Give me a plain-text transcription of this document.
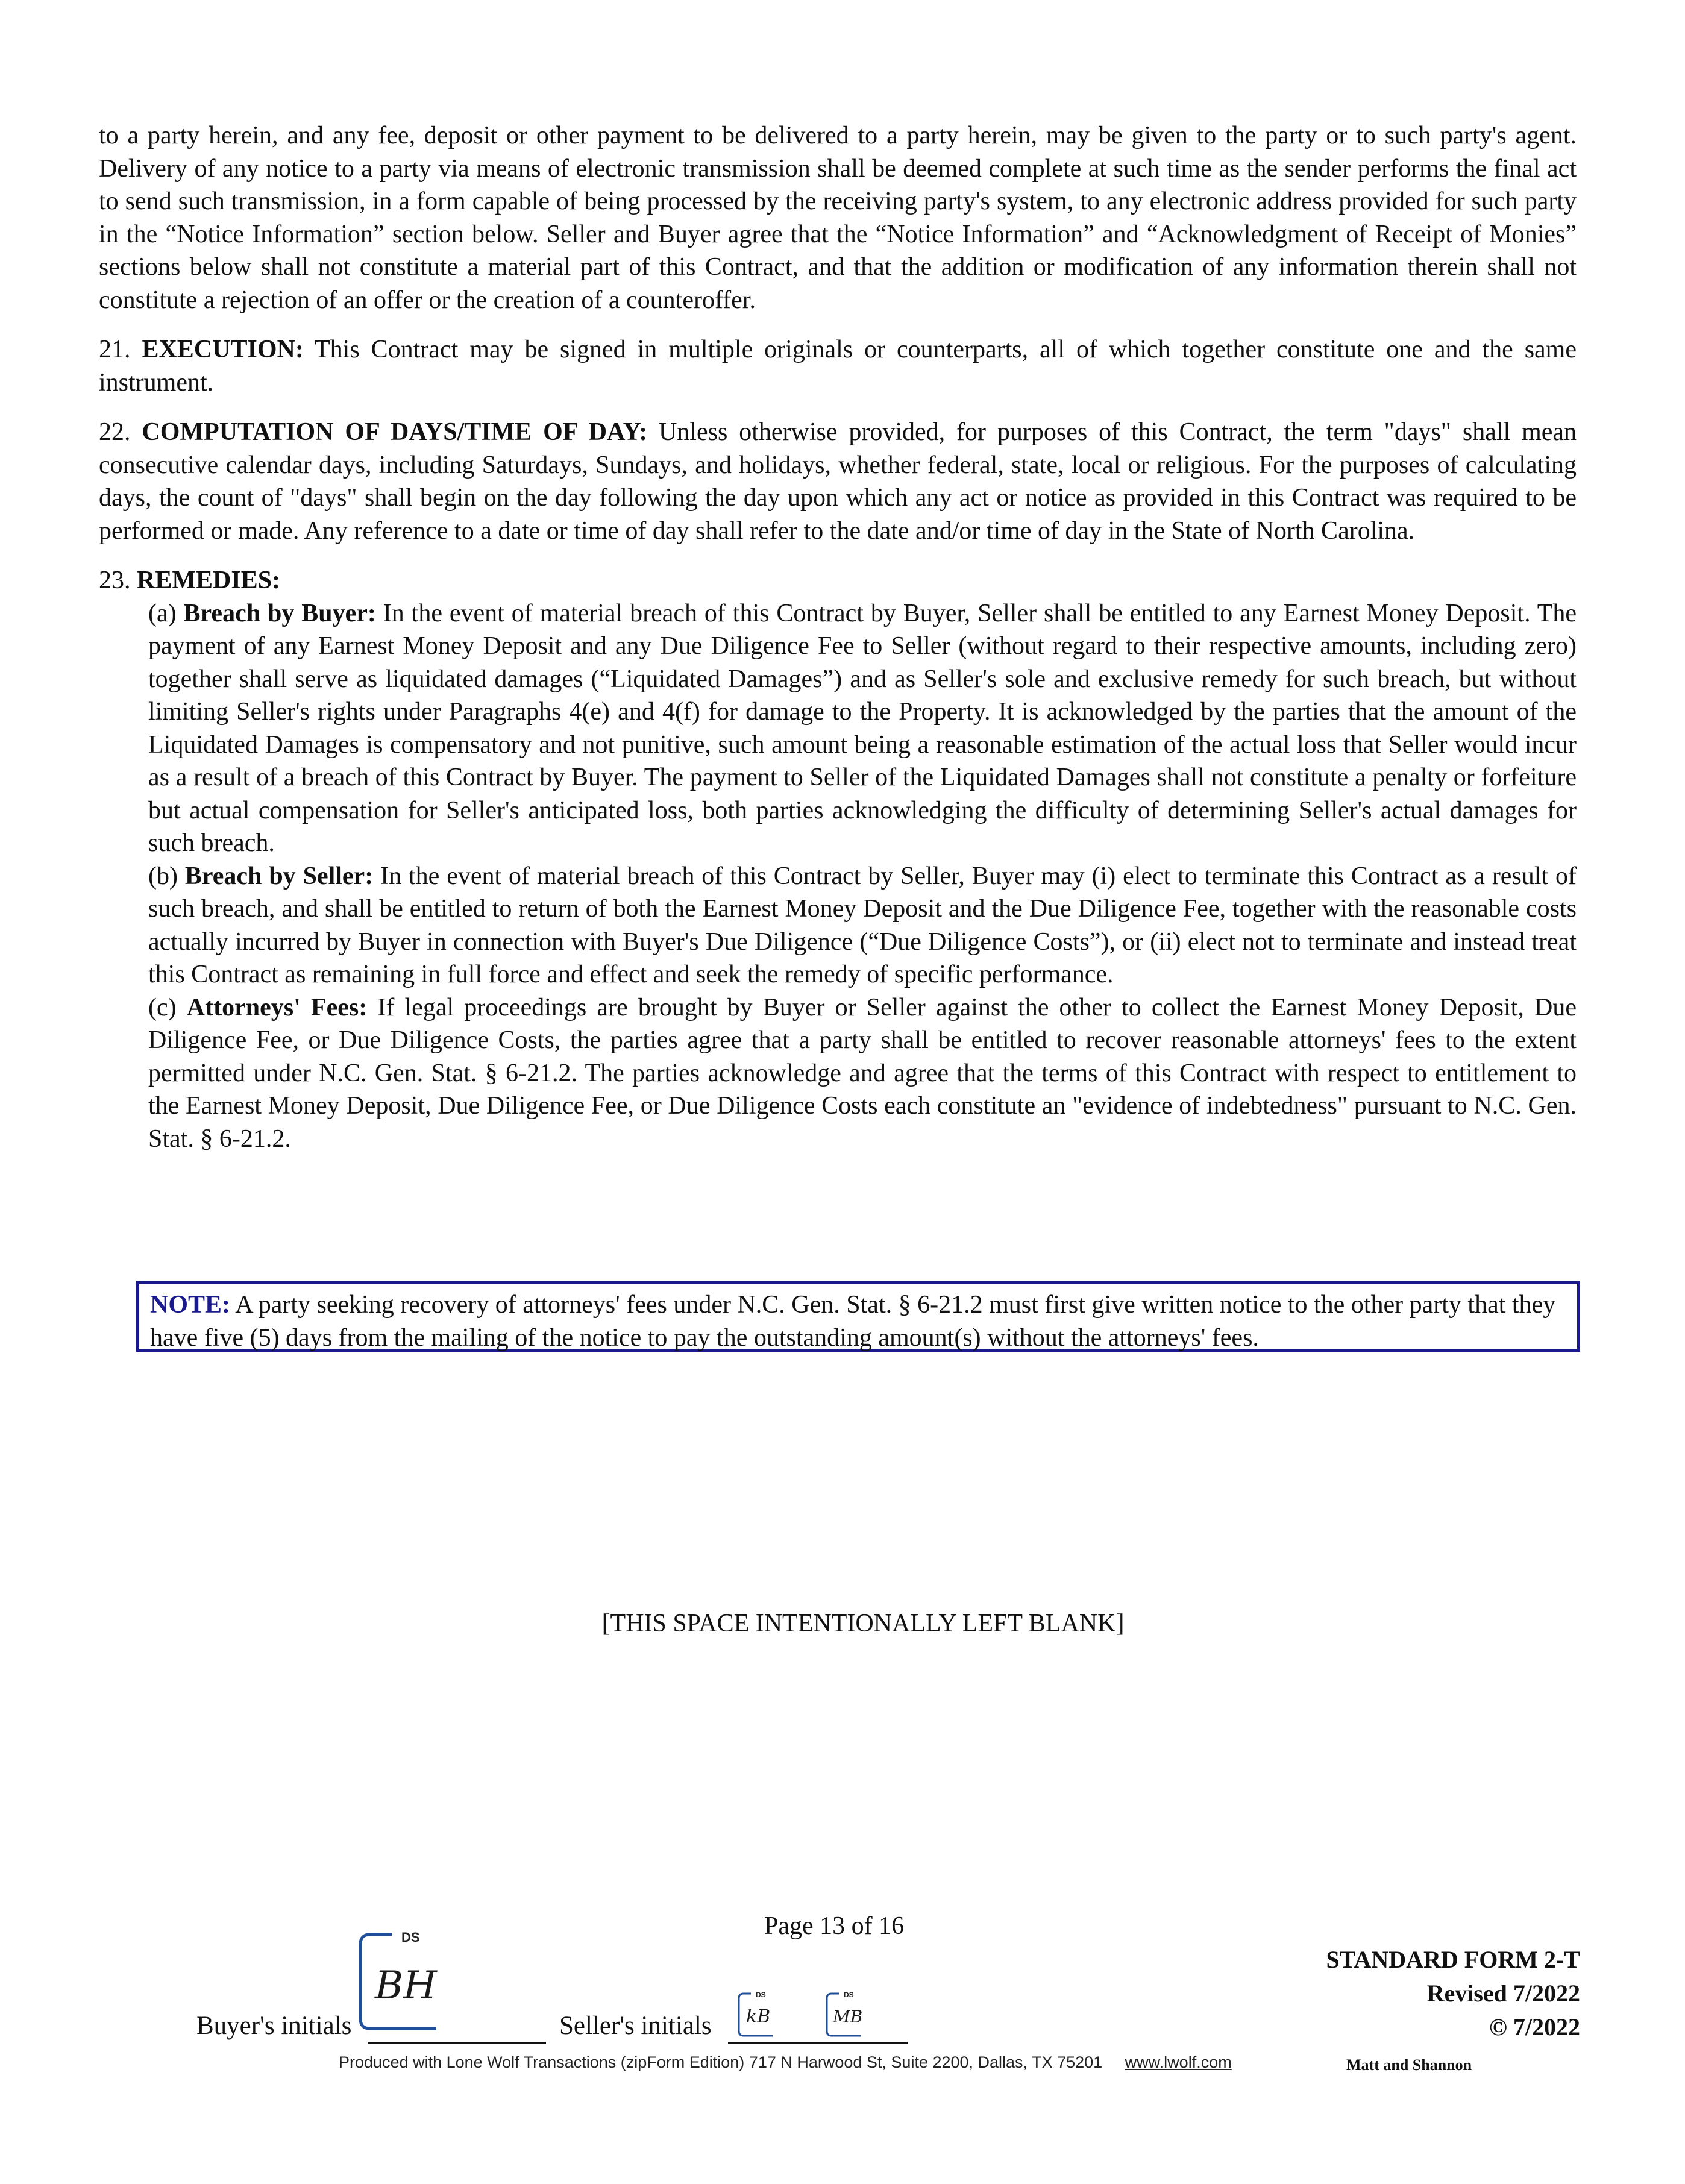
to a party herein, and any fee, deposit or other payment to be delivered to a party herein, may be given to the party or to such party's agent. Delivery of any notice to a party via means of electronic transmission shall be deemed complete at such time as the sender performs the final act to send such transmission, in a form capable of being processed by the receiving party's system, to any electronic address provided for such party in the “Notice Information” section below. Seller and Buyer agree that the “Notice Information” and “Acknowledgment of Receipt of Monies” sections below shall not constitute a material part of this Contract, and that the addition or modification of any information therein shall not constitute a rejection of an offer or the creation of a counteroffer.

21. EXECUTION: This Contract may be signed in multiple originals or counterparts, all of which together constitute one and the same instrument.

22. COMPUTATION OF DAYS/TIME OF DAY: Unless otherwise provided, for purposes of this Contract, the term "days" shall mean consecutive calendar days, including Saturdays, Sundays, and holidays, whether federal, state, local or religious. For the purposes of calculating days, the count of "days" shall begin on the day following the day upon which any act or notice as provided in this Contract was required to be performed or made. Any reference to a date or time of day shall refer to the date and/or time of day in the State of North Carolina.

23. REMEDIES:

(a) Breach by Buyer: In the event of material breach of this Contract by Buyer, Seller shall be entitled to any Earnest Money Deposit. The payment of any Earnest Money Deposit and any Due Diligence Fee to Seller (without regard to their respective amounts, including zero) together shall serve as liquidated damages (“Liquidated Damages”) and as Seller's sole and exclusive remedy for such breach, but without limiting Seller's rights under Paragraphs 4(e) and 4(f) for damage to the Property. It is acknowledged by the parties that the amount of the Liquidated Damages is compensatory and not punitive, such amount being a reasonable estimation of the actual loss that Seller would incur as a result of a breach of this Contract by Buyer. The payment to Seller of the Liquidated Damages shall not constitute a penalty or forfeiture but actual compensation for Seller's anticipated loss, both parties acknowledging the difficulty of determining Seller's actual damages for such breach.

(b) Breach by Seller: In the event of material breach of this Contract by Seller, Buyer may (i) elect to terminate this Contract as a result of such breach, and shall be entitled to return of both the Earnest Money Deposit and the Due Diligence Fee, together with the reasonable costs actually incurred by Buyer in connection with Buyer's Due Diligence (“Due Diligence Costs”), or (ii) elect not to terminate and instead treat this Contract as remaining in full force and effect and seek the remedy of specific performance.

(c) Attorneys' Fees: If legal proceedings are brought by Buyer or Seller against the other to collect the Earnest Money Deposit, Due Diligence Fee, or Due Diligence Costs, the parties agree that a party shall be entitled to recover reasonable attorneys' fees to the extent permitted under N.C. Gen. Stat. § 6-21.2. The parties acknowledge and agree that the terms of this Contract with respect to entitlement to the Earnest Money Deposit, Due Diligence Fee, or Due Diligence Costs each constitute an "evidence of indebtedness" pursuant to N.C. Gen. Stat. § 6-21.2.

NOTE: A party seeking recovery of attorneys' fees under N.C. Gen. Stat. § 6-21.2 must first give written notice to the other party that they have five (5) days from the mailing of the notice to pay the outstanding amount(s) without the attorneys' fees.
[THIS SPACE INTENTIONALLY LEFT BLANK]
Page 13 of 16
STANDARD FORM 2-T
Revised 7/2022
© 7/2022
DS
BH
Buyer's initials	Seller's initials
DS
kB
DS
MB
Produced with Lone Wolf Transactions (zipForm Edition) 717 N Harwood St, Suite 2200, Dallas, TX 75201 www.lwolf.com	Matt and Shannon
